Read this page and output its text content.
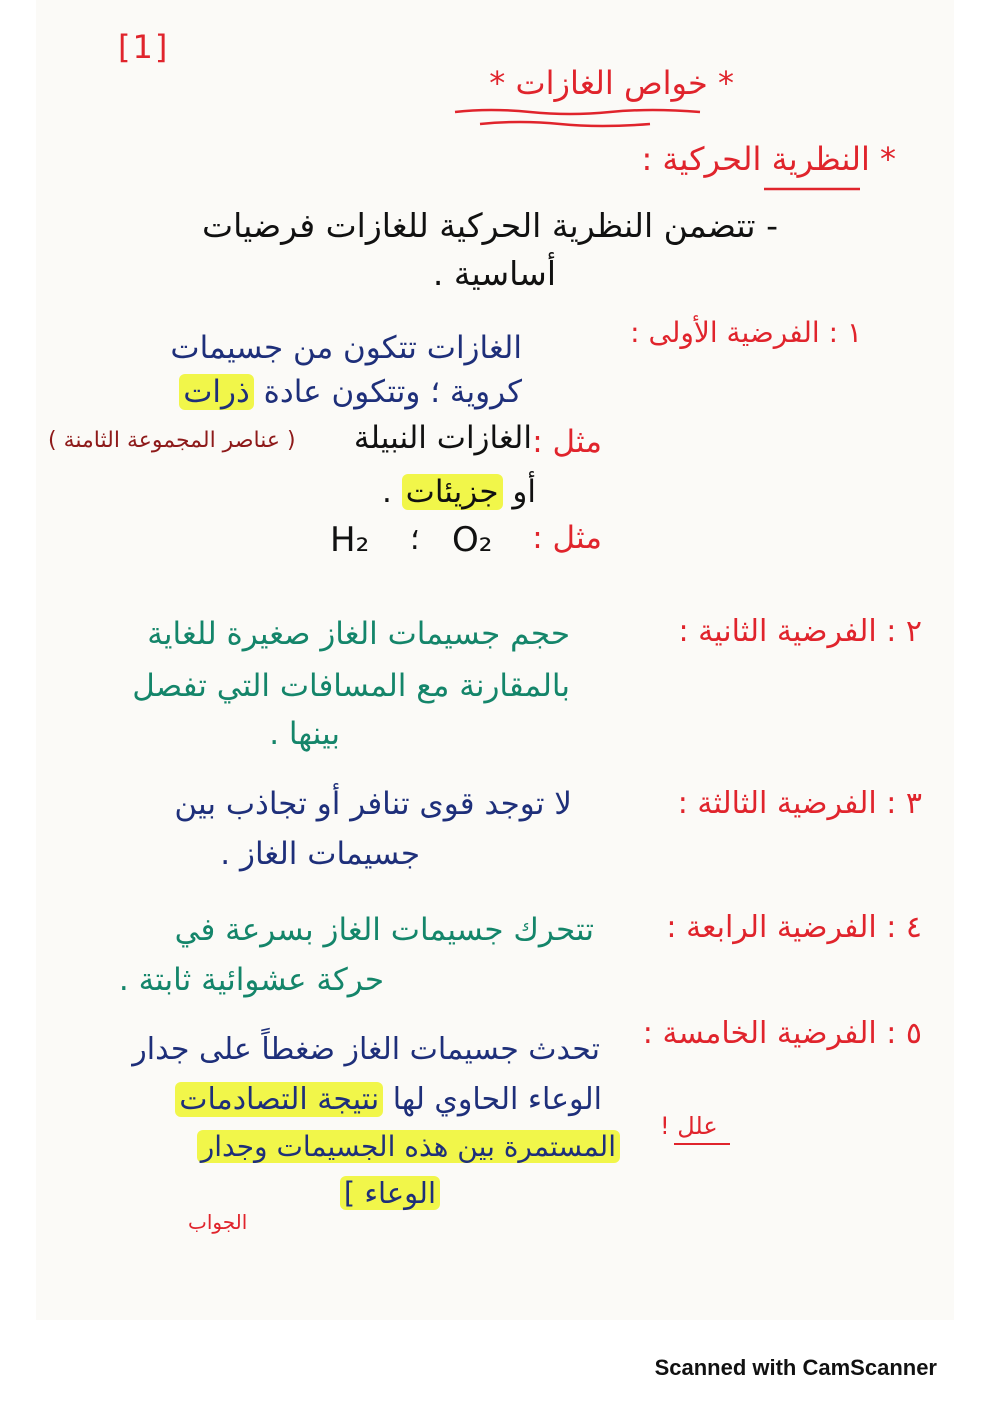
[1]
* خواص الغازات *
* النظرية الحركية :
- تتضمن النظرية الحركية للغازات فرضيات
أساسية .
١ : الفرضية الأولى :
الغازات تتكون من جسيمات
كروية ؛ وتتكون عادة ذرات
مثل :
الغازات النبيلة
( عناصر المجموعة الثامنة )
أو جزيئات .
مثل :
H₂ ؛ O₂
٢ : الفرضية الثانية :
حجم جسيمات الغاز صغيرة للغاية
بالمقارنة مع المسافات التي تفصل
بينها .
٣ : الفرضية الثالثة :
لا توجد قوى تنافر أو تجاذب بين
جسيمات الغاز .
٤ : الفرضية الرابعة :
تتحرك جسيمات الغاز بسرعة في
حركة عشوائية ثابتة .
٥ : الفرضية الخامسة :
تحدث جسيمات الغاز ضغطاً على جدار
الوعاء الحاوي لها نتيجة التصادمات
المستمرة بين هذه الجسيمات وجدار
الوعاء ]
علل !
الجواب
Scanned with CamScanner
